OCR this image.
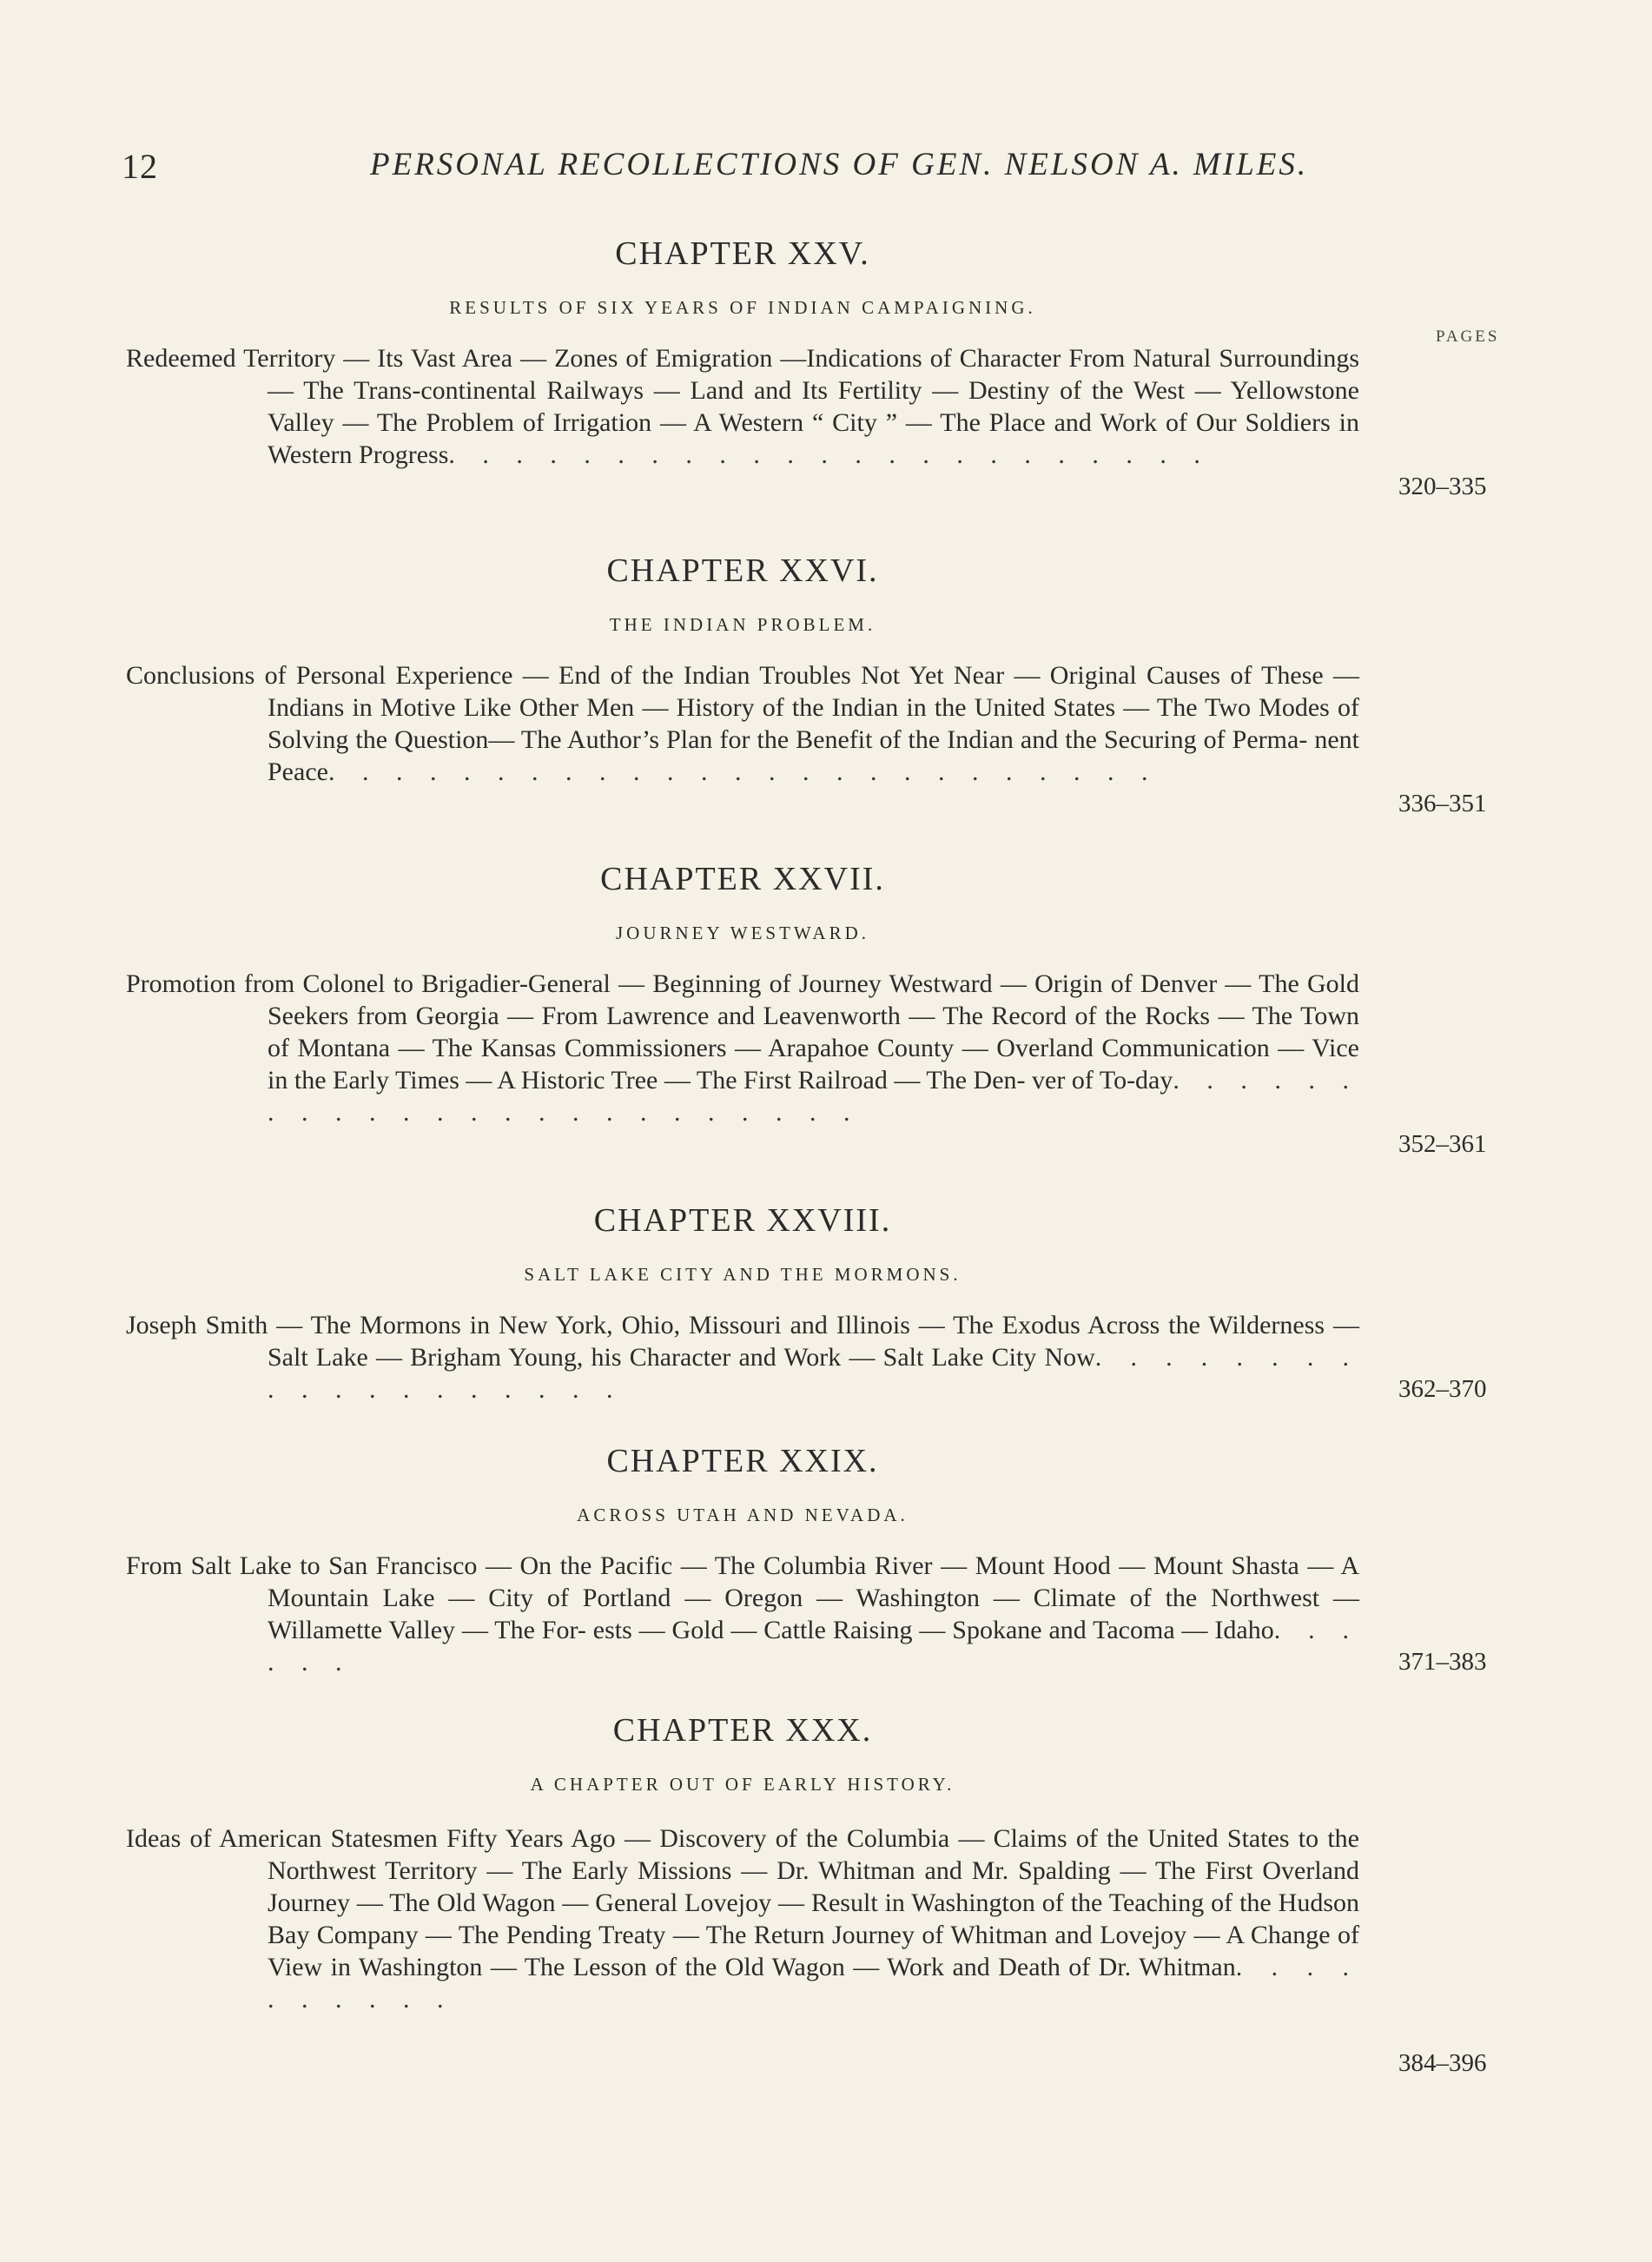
12	PERSONAL RECOLLECTIONS OF GEN. NELSON A. MILES.
PAGES
CHAPTER XXV.
RESULTS OF SIX YEARS OF INDIAN CAMPAIGNING.
Redeemed Territory — Its Vast Area — Zones of Emigration —Indications of Character From Natural Surroundings — The Trans-continental Railways — Land and Its Fertility — Destiny of the West — Yellowstone Valley — The Problem of Irrigation — A Western “ City ” — The Place and Work of Our Soldiers in Western Progress. . . . . . . . . . . . . . . . . . . . . . .
320–335
CHAPTER XXVI.
THE INDIAN PROBLEM.
Conclusions of Personal Experience — End of the Indian Troubles Not Yet Near — Original Causes of These —Indians in Motive Like Other Men — History of the Indian in the United States — The Two Modes of Solving the Question— The Author’s Plan for the Benefit of the Indian and the Securing of Perma- nent Peace. . . . . . . . . . . . . . . . . . . . . . . . .
336–351
CHAPTER XXVII.
JOURNEY WESTWARD.
Promotion from Colonel to Brigadier-General — Beginning of Journey Westward — Origin of Denver — The Gold Seekers from Georgia — From Lawrence and Leavenworth — The Record of the Rocks — The Town of Montana — The Kansas Commissioners — Arapahoe County — Overland Communication — Vice in the Early Times — A Historic Tree — The First Railroad — The Den- ver of To-day. . . . . . . . . . . . . . . . . . . . . . . .
352–361
CHAPTER XXVIII.
SALT LAKE CITY AND THE MORMONS.
Joseph Smith — The Mormons in New York, Ohio, Missouri and Illinois — The Exodus Across the Wilderness — Salt Lake — Brigham Young, his Character and Work — Salt Lake City Now. . . . . . . . . . . . . . . . . . .	362–370
CHAPTER XXIX.
ACROSS UTAH AND NEVADA.
From Salt Lake to San Francisco — On the Pacific — The Columbia River — Mount Hood — Mount Shasta — A Mountain Lake — City of Portland — Oregon — Washington — Climate of the Northwest — Willamette Valley — The For- ests — Gold — Cattle Raising — Spokane and Tacoma — Idaho. . . . . .	371–383
CHAPTER XXX.
A CHAPTER OUT OF EARLY HISTORY.
Ideas of American Statesmen Fifty Years Ago — Discovery of the Columbia — Claims of the United States to the Northwest Territory — The Early Missions — Dr. Whitman and Mr. Spalding — The First Overland Journey — The Old Wagon — General Lovejoy — Result in Washington of the Teaching of the Hudson Bay Company — The Pending Treaty — The Return Journey of Whitman and Lovejoy — A Change of View in Washington — The Lesson of the Old Wagon — Work and Death of Dr. Whitman. . . . . . . . . .
384–396
